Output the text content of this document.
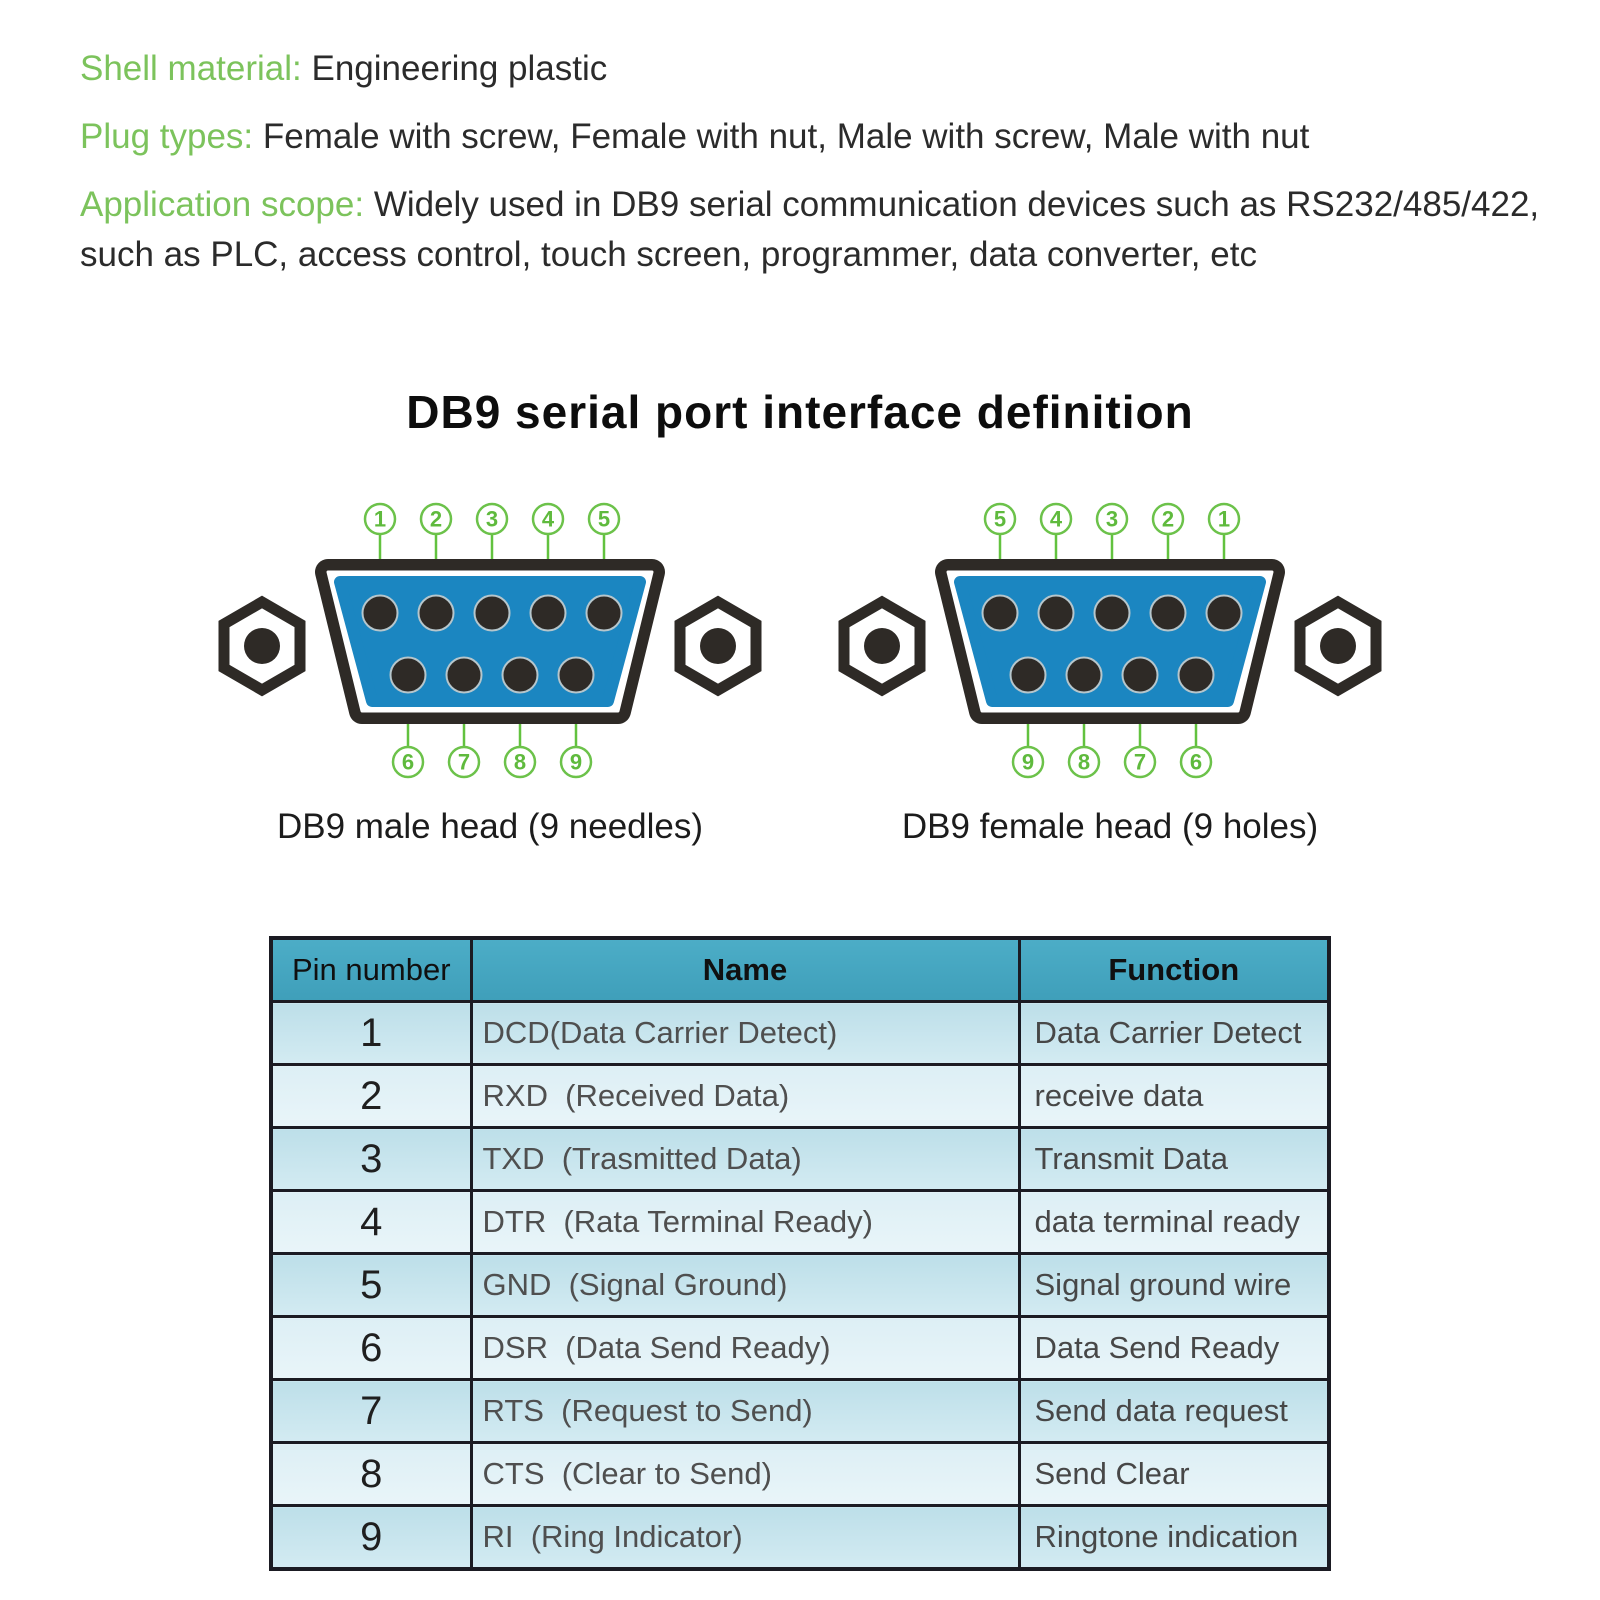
Shell material: Engineering plastic

Plug types: Female with screw, Female with nut, Male with screw, Male with nut

Application scope: Widely used in DB9 serial communication devices such as RS232/485/422, such as PLC, access control, touch screen, programmer, data converter, etc

DB9 serial port interface definition
1 2 3 4 5
6 7 8 9
DB9 male head (9 needles)
5 4 3 2 1
9 8 7 6
DB9 female head (9 holes)
Pin number	Name	Function
1	DCD(Data Carrier Detect)	Data Carrier Detect
2	RXD  (Received Data)	receive data
3	TXD  (Trasmitted Data)	Transmit Data
4	DTR  (Rata Terminal Ready)	data terminal ready
5	GND  (Signal Ground)	Signal ground wire
6	DSR  (Data Send Ready)	Data Send Ready
7	RTS  (Request to Send)	Send data request
8	CTS  (Clear to Send)	Send Clear
9	RI  (Ring Indicator)	Ringtone indication
